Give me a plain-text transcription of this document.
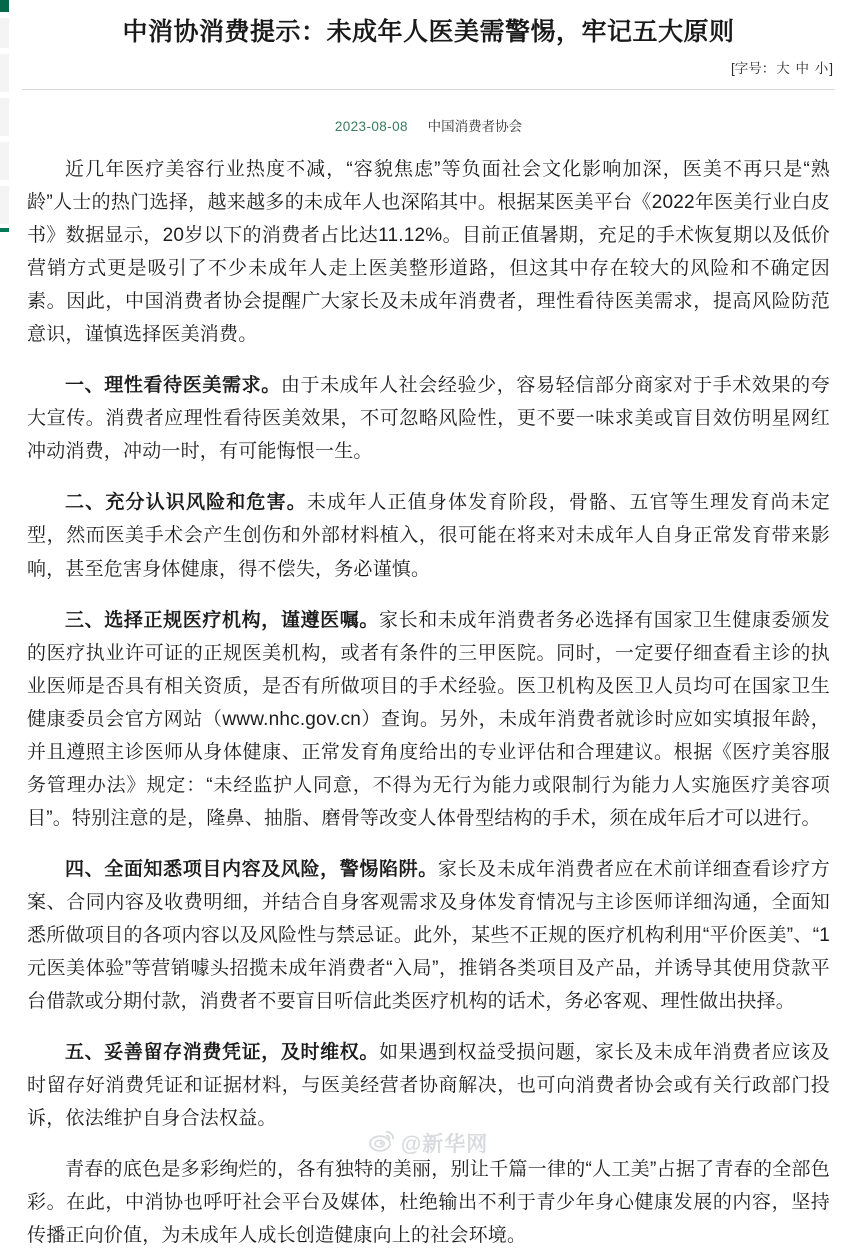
中消协消费提示：未成年人医美需警惕，牢记五大原则
[字号：大 中 小]
2023-08-08 中国消费者协会

近几年医疗美容行业热度不减，“容貌焦虑”等负面社会文化影响加深，医美不再只是“熟龄”人士的热门选择，越来越多的未成年人也深陷其中。根据某医美平台《2022年医美行业白皮书》数据显示，20岁以下的消费者占比达11.12%。目前正值暑期，充足的手术恢复期以及低价营销方式更是吸引了不少未成年人走上医美整形道路，但这其中存在较大的风险和不确定因素。因此，中国消费者协会提醒广大家长及未成年消费者，理性看待医美需求，提高风险防范意识，谨慎选择医美消费。

一、理性看待医美需求。由于未成年人社会经验少，容易轻信部分商家对于手术效果的夸大宣传。消费者应理性看待医美效果，不可忽略风险性，更不要一味求美或盲目效仿明星网红冲动消费，冲动一时，有可能悔恨一生。

二、充分认识风险和危害。未成年人正值身体发育阶段，骨骼、五官等生理发育尚未定型，然而医美手术会产生创伤和外部材料植入，很可能在将来对未成年人自身正常发育带来影响，甚至危害身体健康，得不偿失，务必谨慎。

三、选择正规医疗机构，谨遵医嘱。家长和未成年消费者务必选择有国家卫生健康委颁发的医疗执业许可证的正规医美机构，或者有条件的三甲医院。同时，一定要仔细查看主诊的执业医师是否具有相关资质，是否有所做项目的手术经验。医卫机构及医卫人员均可在国家卫生健康委员会官方网站（www.nhc.gov.cn）查询。另外，未成年消费者就诊时应如实填报年龄，并且遵照主诊医师从身体健康、正常发育角度给出的专业评估和合理建议。根据《医疗美容服务管理办法》规定：“未经监护人同意，不得为无行为能力或限制行为能力人实施医疗美容项目”。特别注意的是，隆鼻、抽脂、磨骨等改变人体骨型结构的手术，须在成年后才可以进行。

四、全面知悉项目内容及风险，警惕陷阱。家长及未成年消费者应在术前详细查看诊疗方案、合同内容及收费明细，并结合自身客观需求及身体发育情况与主诊医师详细沟通，全面知悉所做项目的各项内容以及风险性与禁忌证。此外，某些不正规的医疗机构利用“平价医美”、“1元医美体验”等营销噱头招揽未成年消费者“入局”，推销各类项目及产品，并诱导其使用贷款平台借款或分期付款，消费者不要盲目听信此类医疗机构的话术，务必客观、理性做出抉择。

五、妥善留存消费凭证，及时维权。如果遇到权益受损问题，家长及未成年消费者应该及时留存好消费凭证和证据材料，与医美经营者协商解决，也可向消费者协会或有关行政部门投诉，依法维护自身合法权益。

青春的底色是多彩绚烂的，各有独特的美丽，别让千篇一律的“人工美”占据了青春的全部色彩。在此，中消协也呼吁社会平台及媒体，杜绝输出不利于青少年身心健康发展的内容，坚持传播正向价值，为未成年人成长创造健康向上的社会环境。

@新华网
